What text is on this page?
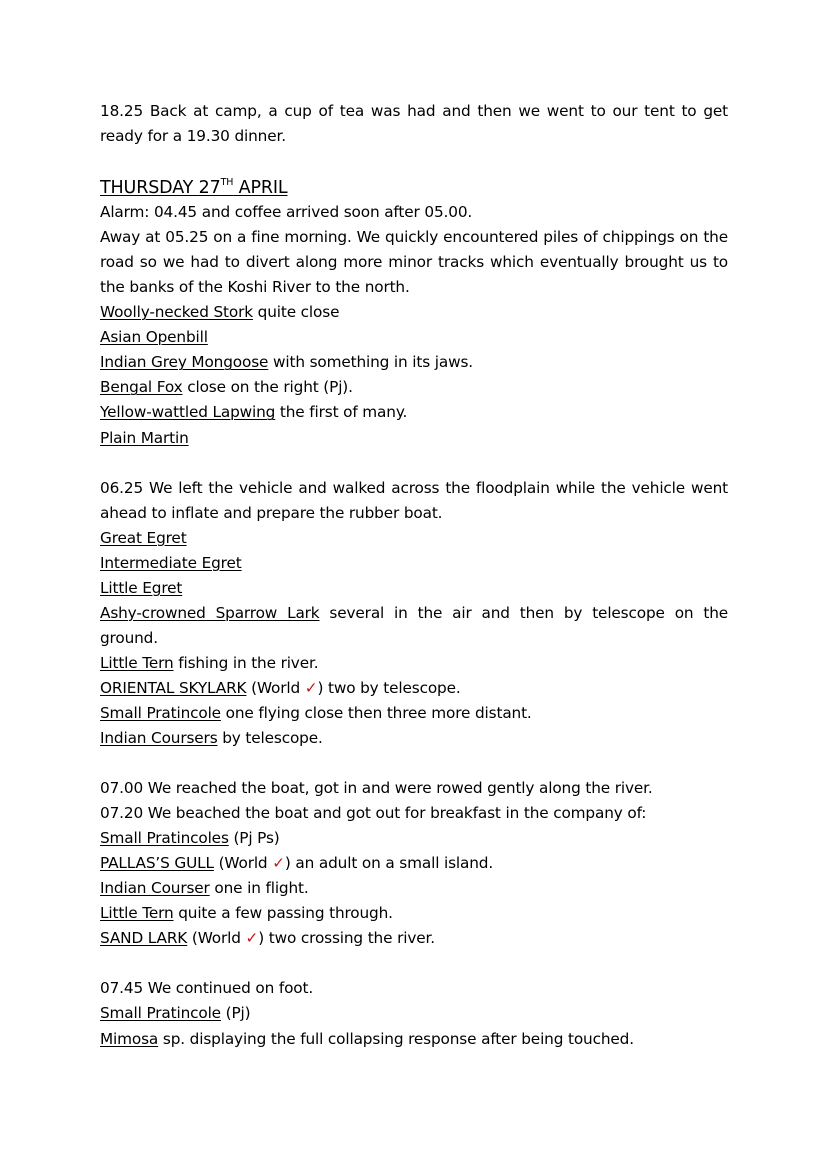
18.25 Back at camp, a cup of tea was had and then we went to our tent to get
ready for a 19.30 dinner.
THURSDAY 27TH APRIL
Alarm: 04.45 and coffee arrived soon after 05.00.
Away at 05.25 on a fine morning. We quickly encountered piles of chippings on the
road so we had to divert along more minor tracks which eventually brought us to
the banks of the Koshi River to the north.
Woolly-necked Stork quite close
Asian Openbill
Indian Grey Mongoose with something in its jaws.
Bengal Fox close on the right (Pj).
Yellow-wattled Lapwing the first of many.
Plain Martin
06.25 We left the vehicle and walked across the floodplain while the vehicle went
ahead to inflate and prepare the rubber boat.
Great Egret
Intermediate Egret
Little Egret
Ashy-crowned Sparrow Lark several in the air and then by telescope on the
ground.
Little Tern fishing in the river.
ORIENTAL SKYLARK (World ✓) two by telescope.
Small Pratincole one flying close then three more distant.
Indian Coursers by telescope.
07.00 We reached the boat, got in and were rowed gently along the river.
07.20 We beached the boat and got out for breakfast in the company of:
Small Pratincoles (Pj Ps)
PALLAS’S GULL (World ✓) an adult on a small island.
Indian Courser one in flight.
Little Tern quite a few passing through.
SAND LARK (World ✓) two crossing the river.
07.45 We continued on foot.
Small Pratincole (Pj)
Mimosa sp. displaying the full collapsing response after being touched.
